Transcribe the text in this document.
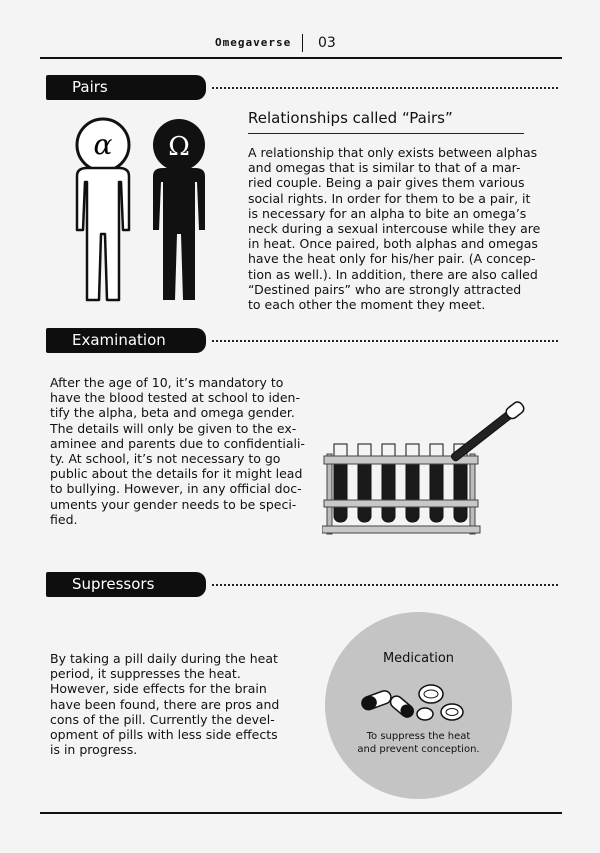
Omegaverse 03
Pairs
Relationships called “Pairs”
A relationship that only exists between alphas
and omegas that is similar to that of a mar-
ried couple. Being a pair gives them various
social rights. In order for them to be a pair, it
is necessary for an alpha to bite an omega’s
neck during a sexual intercouse while they are
in heat. Once paired, both alphas and omegas
have the heat only for his/her pair. (A concep-
tion as well.). In addition, there are also called
“Destined pairs” who are strongly attracted
to each other the moment they meet.
α Ω
Examination
After the age of 10, it’s mandatory to
have the blood tested at school to iden-
tify the alpha, beta and omega gender.
The details will only be given to the ex-
aminee and parents due to confidentiali-
ty. At school, it’s not necessary to go
public about the details for it might lead
to bullying. However, in any official doc-
uments your gender needs to be speci-
fied.
Supressors
By taking a pill daily during the heat
period, it suppresses the heat.
However, side effects for the brain
have been found, there are pros and
cons of the pill. Currently the devel-
opment of pills with less side effects
is in progress.
Medication
To suppress the heat
and prevent conception.
